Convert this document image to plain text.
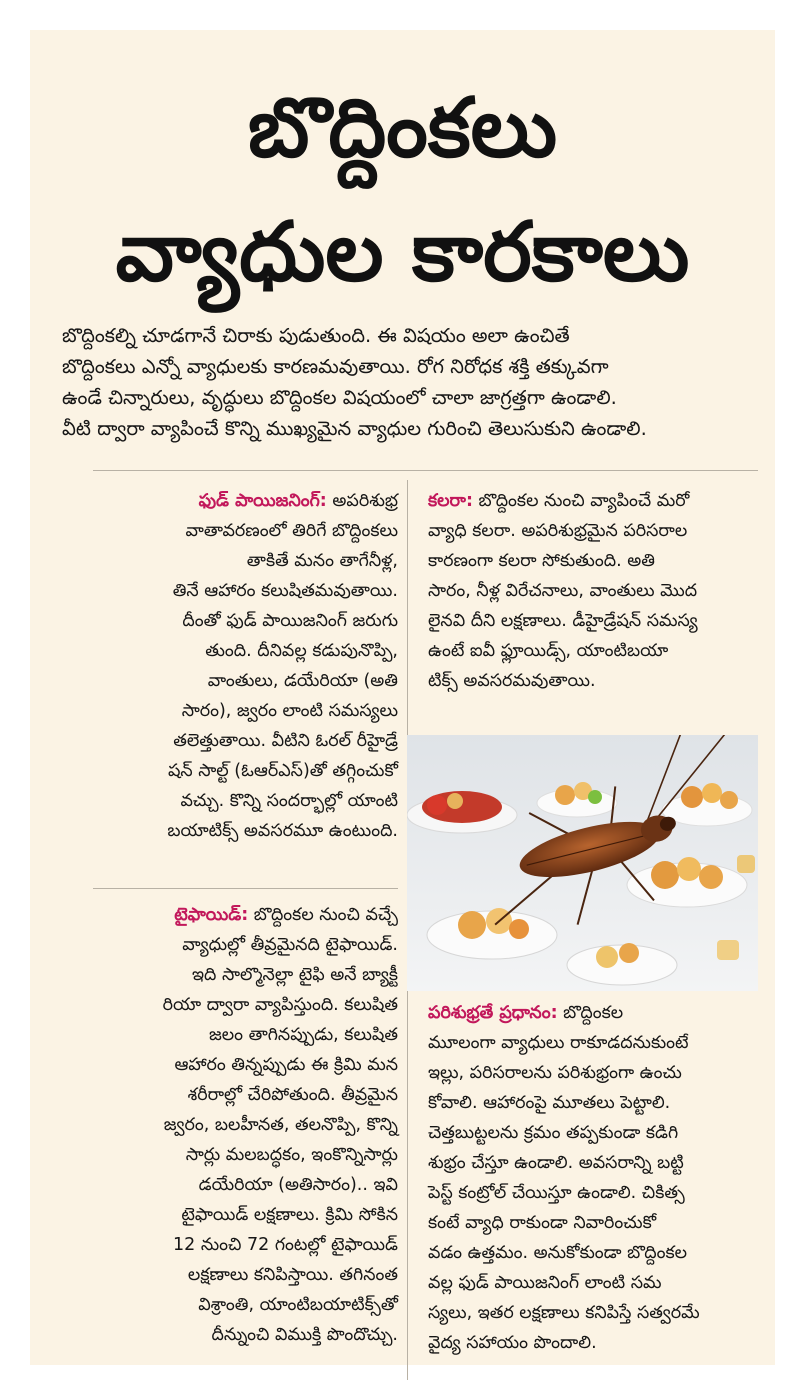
బొద్దింకలు
వ్యాధుల కారకాలు

బొద్దింకల్ని చూడగానే చిరాకు పుడుతుంది. ఈ విషయం అలా ఉంచితే
బొద్దింకలు ఎన్నో వ్యాధులకు కారణమవుతాయి. రోగ నిరోధక శక్తి తక్కువగా
ఉండే చిన్నారులు, వృద్ధులు బొద్దింకల విషయంలో చాలా జాగ్రత్తగా ఉండాలి.
వీటి ద్వారా వ్యాపించే కొన్ని ముఖ్యమైన వ్యాధుల గురించి తెలుసుకుని ఉండాలి.

ఫుడ్ పాయిజనింగ్: అపరిశుభ్ర
వాతావరణంలో తిరిగే బొద్దింకలు
తాకితే మనం తాగేనీళ్ల,
తినే ఆహారం కలుషితమవుతాయి.
దీంతో ఫుడ్ పాయిజనింగ్ జరుగు
తుంది. దీనివల్ల కడుపునొప్పి,
వాంతులు, డయేరియా (అతి
సారం), జ్వరం లాంటి సమస్యలు
తలెత్తుతాయి. వీటిని ఓరల్ రీహైడ్రే
షన్ సాల్ట్ (ఓఆర్ఎస్)తో తగ్గించుకో
వచ్చు. కొన్ని సందర్భాల్లో యాంటి
బయాటిక్స్ అవసరమూ ఉంటుంది.

టైఫాయిడ్: బొద్దింకల నుంచి వచ్చే
వ్యాధుల్లో తీవ్రమైనది టైఫాయిడ్.
ఇది సాల్మొనెల్లా టైఫి అనే బ్యాక్టీ
రియా ద్వారా వ్యాపిస్తుంది. కలుషిత
జలం తాగినప్పుడు, కలుషిత
ఆహారం తిన్నప్పుడు ఈ క్రిమి మన
శరీరాల్లో చేరిపోతుంది. తీవ్రమైన
జ్వరం, బలహీనత, తలనొప్పి, కొన్ని
సార్లు మలబద్ధకం, ఇంకొన్నిసార్లు
డయేరియా (అతిసారం).. ఇవి
టైఫాయిడ్ లక్షణాలు. క్రిమి సోకిన
12 నుంచి 72 గంటల్లో టైఫాయిడ్
లక్షణాలు కనిపిస్తాయి. తగినంత
విశ్రాంతి, యాంటిబయాటిక్స్‌తో
దీన్నుంచి విముక్తి పొందొచ్చు.

కలరా: బొద్దింకల నుంచి వ్యాపించే మరో
వ్యాధి కలరా. అపరిశుభ్రమైన పరిసరాల
కారణంగా కలరా సోకుతుంది. అతి
సారం, నీళ్ల విరేచనాలు, వాంతులు మొద
లైనవి దీని లక్షణాలు. డీహైడ్రేషన్ సమస్య
ఉంటే ఐవీ ఫ్లూయిడ్స్, యాంటిబయా
టిక్స్ అవసరమవుతాయి.

పరిశుభ్రతే ప్రధానం: బొద్దింకల
మూలంగా వ్యాధులు రాకూడదనుకుంటే
ఇల్లు, పరిసరాలను పరిశుభ్రంగా ఉంచు
కోవాలి. ఆహారంపై మూతలు పెట్టాలి.
చెత్తబుట్టలను క్రమం తప్పకుండా కడిగి
శుభ్రం చేస్తూ ఉండాలి. అవసరాన్ని బట్టి
పెస్ట్ కంట్రోల్ చేయిస్తూ ఉండాలి. చికిత్స
కంటే వ్యాధి రాకుండా నివారించుకో
వడం ఉత్తమం. అనుకోకుండా బొద్దింకల
వల్ల ఫుడ్ పాయిజనింగ్ లాంటి సమ
స్యలు, ఇతర లక్షణాలు కనిపిస్తే సత్వరమే
వైద్య సహాయం పొందాలి.
